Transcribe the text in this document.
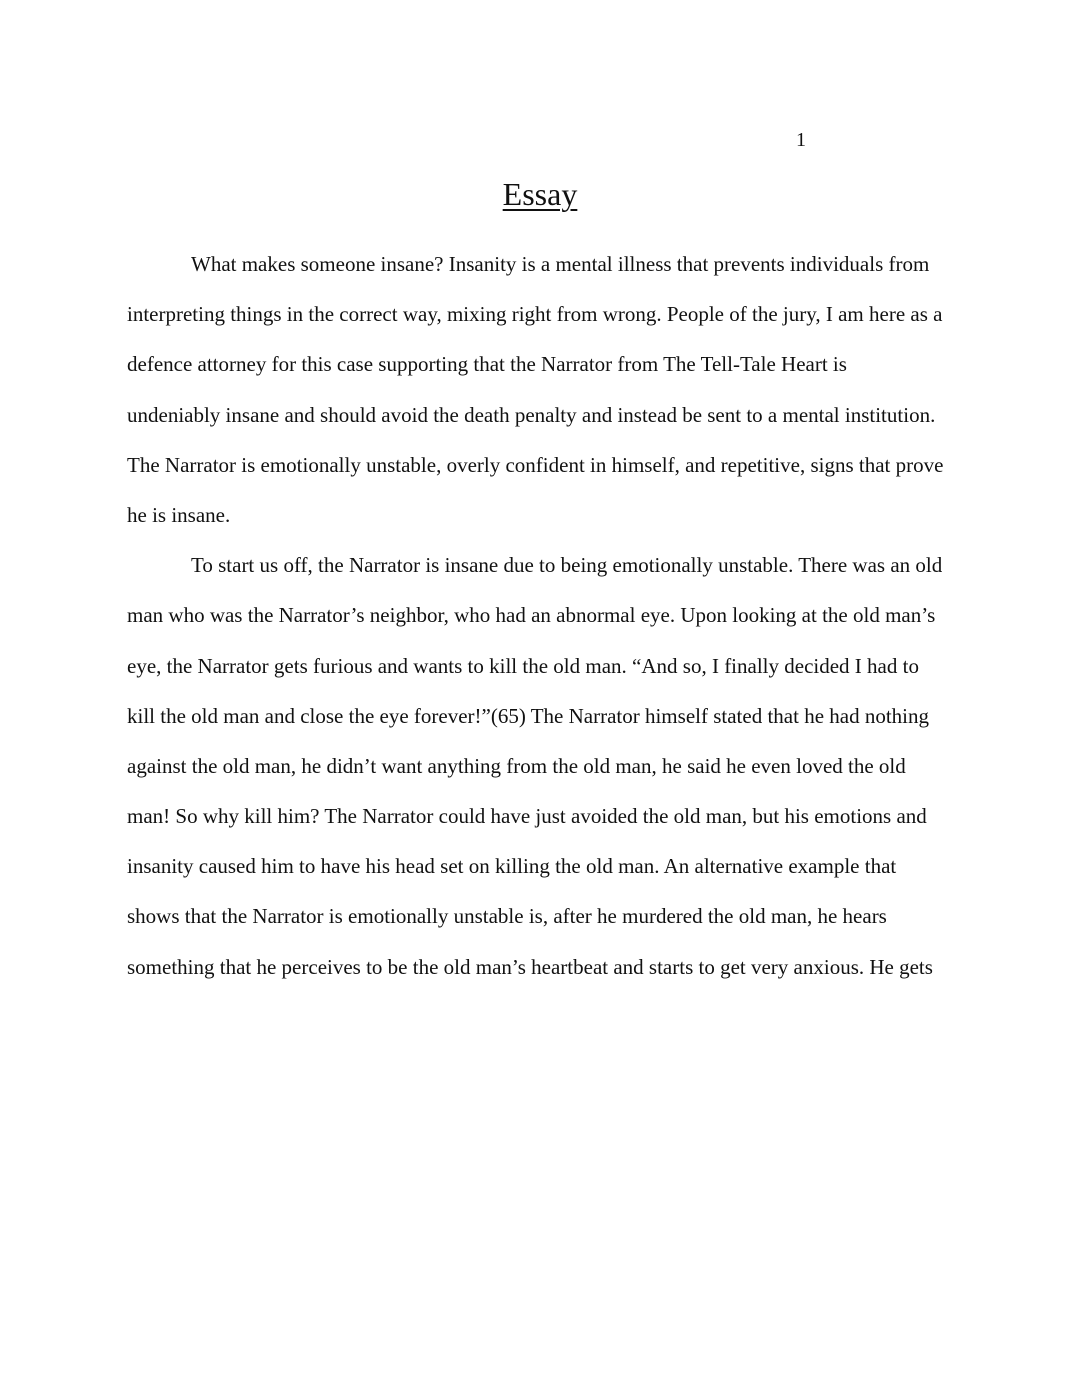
1
Essay
What makes someone insane? Insanity is a mental illness that prevents individuals from
interpreting things in the correct way, mixing right from wrong. People of the jury, I am here as a
defence attorney for this case supporting that the Narrator from The Tell-Tale Heart is
undeniably insane and should avoid the death penalty and instead be sent to a mental institution.
The Narrator is emotionally unstable, overly confident in himself, and repetitive, signs that prove
he is insane.
To start us off, the Narrator is insane due to being emotionally unstable. There was an old
man who was the Narrator’s neighbor, who had an abnormal eye. Upon looking at the old man’s
eye, the Narrator gets furious and wants to kill the old man. “And so, I finally decided I had to
kill the old man and close the eye forever!”(65) The Narrator himself stated that he had nothing
against the old man, he didn’t want anything from the old man, he said he even loved the old
man! So why kill him? The Narrator could have just avoided the old man, but his emotions and
insanity caused him to have his head set on killing the old man. An alternative example that
shows that the Narrator is emotionally unstable is, after he murdered the old man, he hears
something that he perceives to be the old man’s heartbeat and starts to get very anxious. He gets
